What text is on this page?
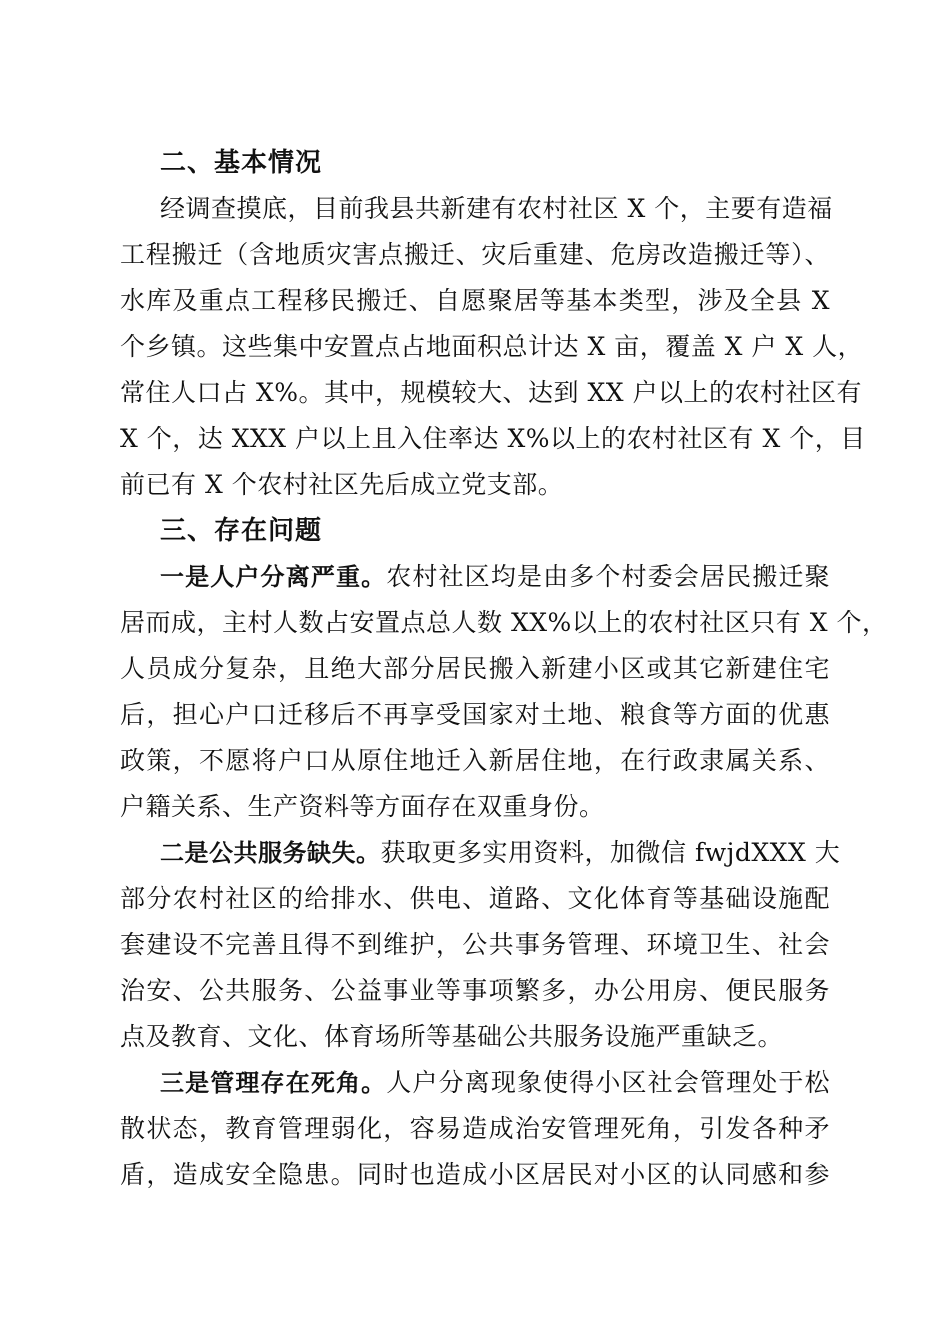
二、基本情况

经调查摸底，目前我县共新建有农村社区 X 个，主要有造福
工程搬迁（含地质灾害点搬迁、灾后重建、危房改造搬迁等）、
水库及重点工程移民搬迁、自愿聚居等基本类型，涉及全县 X
个乡镇。这些集中安置点占地面积总计达 X 亩，覆盖 X 户 X 人，
常住人口占 X%。其中，规模较大、达到 XX 户以上的农村社区有
X 个，达 XXX 户以上且入住率达 X%以上的农村社区有 X 个，目
前已有 X 个农村社区先后成立党支部。

三、存在问题

一是人户分离严重。农村社区均是由多个村委会居民搬迁聚
居而成，主村人数占安置点总人数 XX%以上的农村社区只有 X 个，
人员成分复杂，且绝大部分居民搬入新建小区或其它新建住宅
后，担心户口迁移后不再享受国家对土地、粮食等方面的优惠
政策，不愿将户口从原住地迁入新居住地，在行政隶属关系、
户籍关系、生产资料等方面存在双重身份。

二是公共服务缺失。获取更多实用资料，加微信 fwjdXXX 大
部分农村社区的给排水、供电、道路、文化体育等基础设施配
套建设不完善且得不到维护，公共事务管理、环境卫生、社会
治安、公共服务、公益事业等事项繁多，办公用房、便民服务
点及教育、文化、体育场所等基础公共服务设施严重缺乏。

三是管理存在死角。人户分离现象使得小区社会管理处于松
散状态，教育管理弱化，容易造成治安管理死角，引发各种矛
盾，造成安全隐患。同时也造成小区居民对小区的认同感和参
